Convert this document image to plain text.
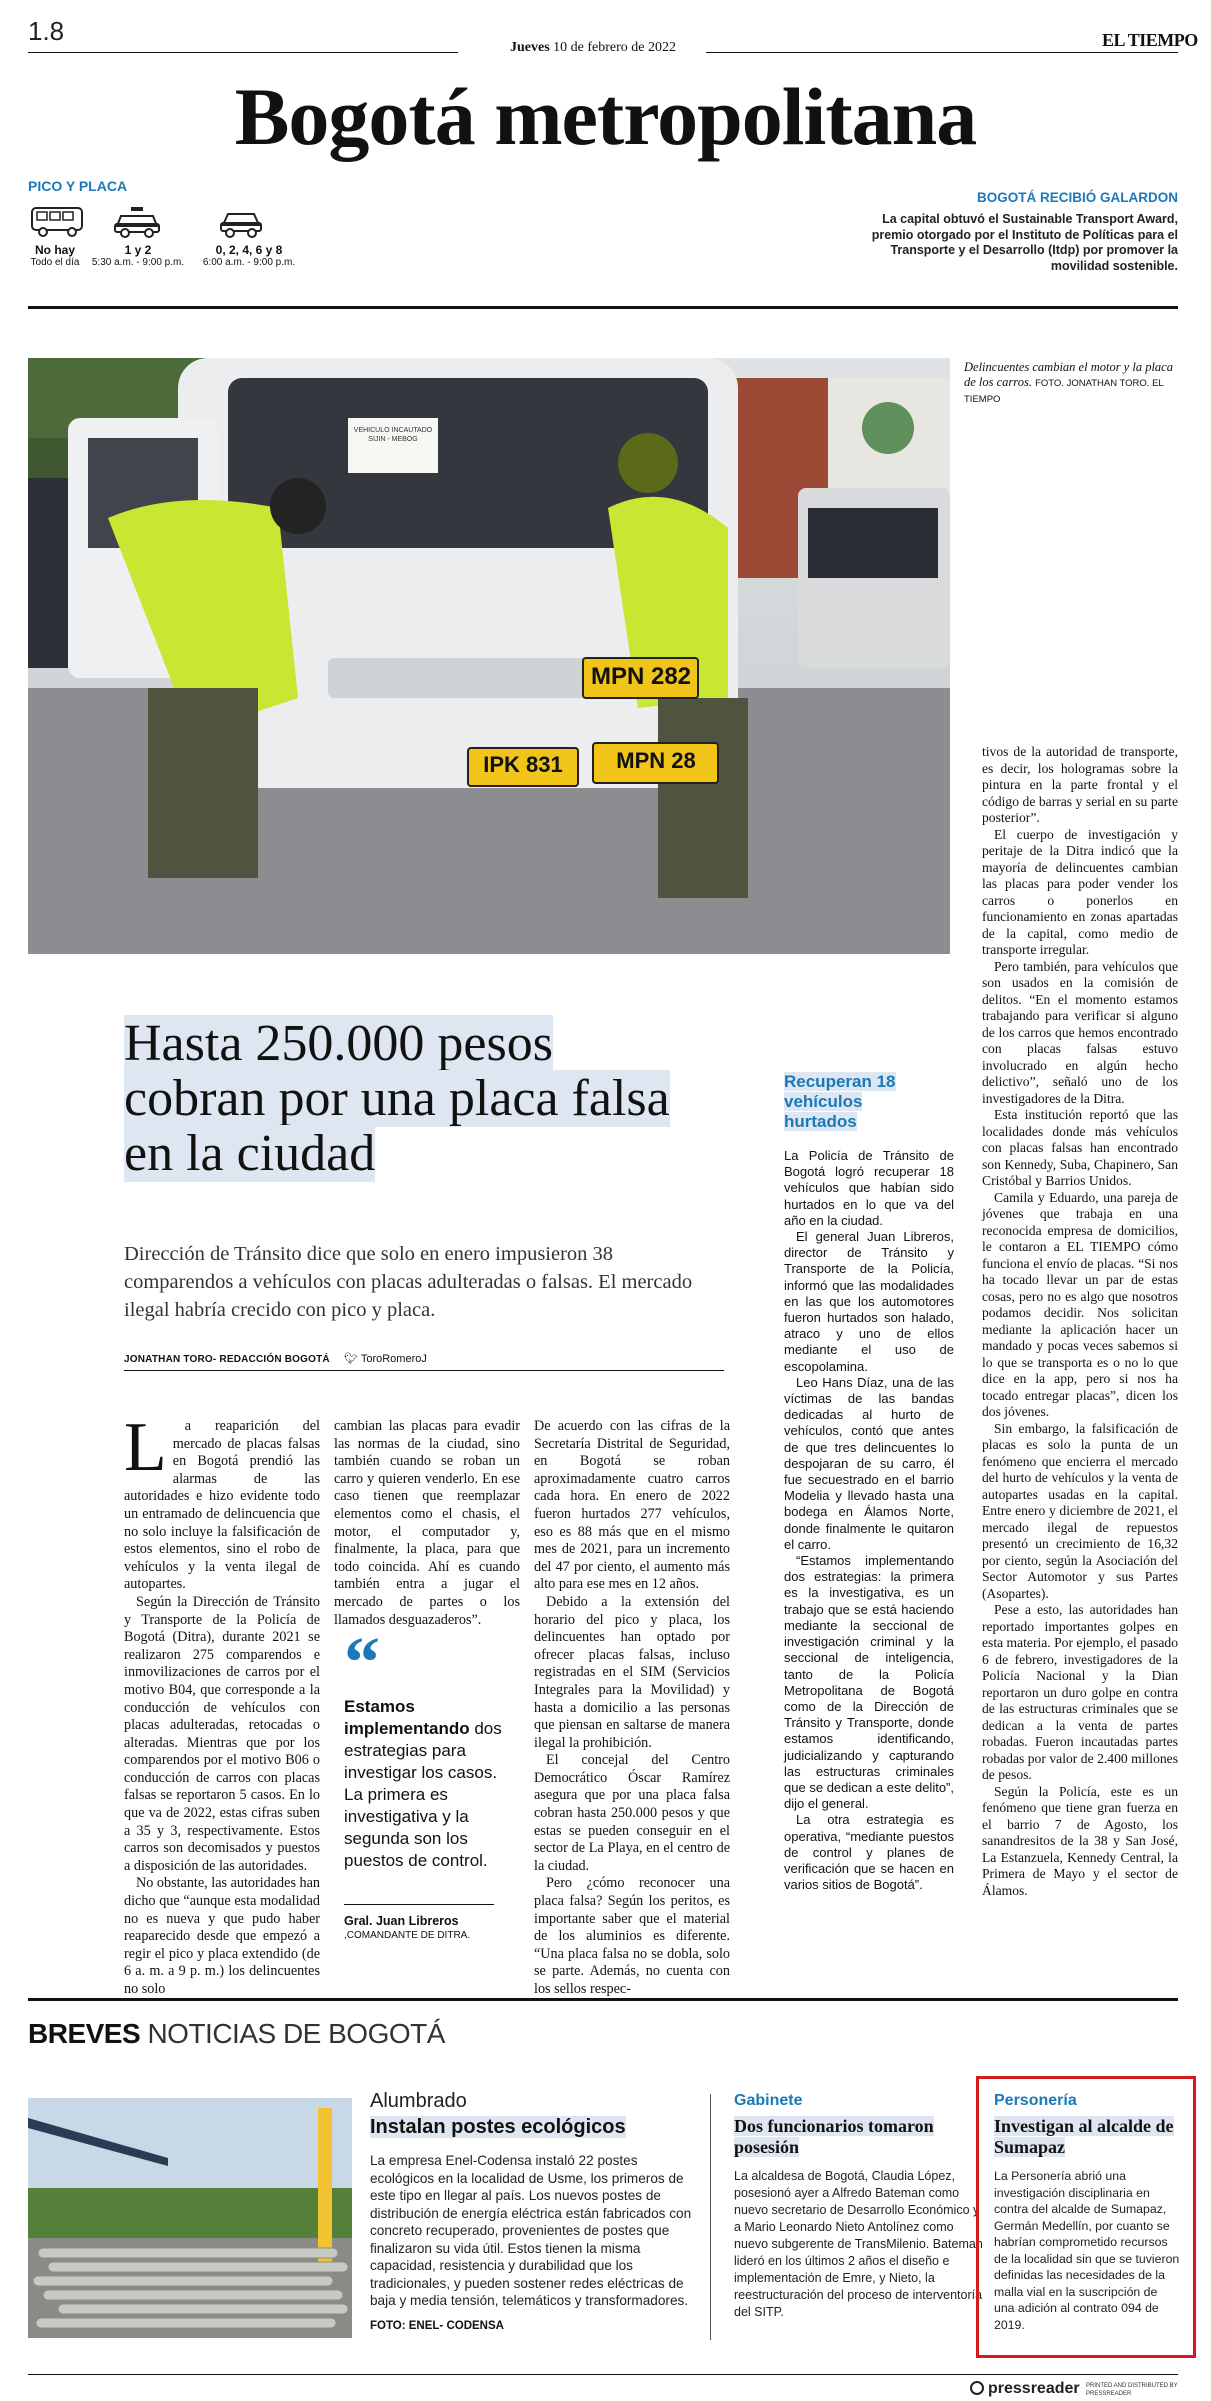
1.8
Jueves 10 de febrero de 2022	EL TIEMPO
Bogotá metropolitana
PICO Y PLACA
No hay
Todo el día
1 y 2
5:30 a.m. - 9:00 p.m.
0, 2, 4, 6 y 8
6:00 a.m. - 9:00 p.m.
BOGOTÁ RECIBIÓ GALARDON
La capital obtuvó el Sustainable Transport Award, premio otorgado por el Instituto de Políticas para el Transporte y el Desarrollo (Itdp) por promover la movilidad sostenible.
VEHICULO INCAUTADO SIJIN - MEBOG
MPN 282
IPK 831	MPN 28
Delincuentes cambian el motor y la placa de los carros. FOTO. JONATHAN TORO. EL TIEMPO
Hasta 250.000 pesos cobran por una placa falsa en la ciudad
Dirección de Tránsito dice que solo en enero impusieron 38 comparendos a vehículos con placas adulteradas o falsas. El mercado ilegal habría crecido con pico y placa.
JONATHAN TORO- REDACCIÓN BOGOTÁ 🐦︎ ToroRomeroJ
L	a reaparición del mercado de placas falsas en Bogotá prendió las alarmas de las autoridades e hizo evidente todo un entramado de delincuencia que no solo incluye la falsificación de estos elementos, sino el robo de vehículos y la venta ilegal de autopartes.

Según la Dirección de Tránsito y Transporte de la Policía de Bogotá (Ditra), durante 2021 se realizaron 275 comparendos e inmovilizaciones de carros por el motivo B04, que corresponde a la conducción de vehículos con placas adulteradas, retocadas o alteradas. Mientras que por los comparendos por el motivo B06 o conducción de carros con placas falsas se reportaron 5 casos. En lo que va de 2022, estas cifras suben a 35 y 3, respectivamente. Estos carros son decomisados y puestos a disposición de las autoridades.

No obstante, las autoridades han dicho que “aunque esta modalidad no es nueva y que pudo haber reaparecido desde que empezó a regir el pico y placa extendido (de 6 a. m. a 9 p. m.) los delincuentes no solo

cambian las placas para evadir las normas de la ciudad, sino también cuando se roban un carro y quieren venderlo. En ese caso tienen que reemplazar elementos como el chasis, el motor, el computador y, finalmente, la placa, para que todo coincida. Ahí es cuando también entra a jugar el mercado de partes o los llamados desguazaderos”.

“
Estamos implementando dos estrategias para investigar los casos. La primera es investigativa y la segunda son los puestos de control.
Gral. Juan Libreros
,COMANDANTE DE DITRA.

De acuerdo con las cifras de la Secretaría Distrital de Seguridad, en Bogotá se roban aproximadamente cuatro carros cada hora. En enero de 2022 fueron hurtados 277 vehículos, eso es 88 más que en el mismo mes de 2021, para un incremento del 47 por ciento, el aumento más alto para ese mes en 12 años.

Debido a la extensión del horario del pico y placa, los delincuentes han optado por ofrecer placas falsas, incluso registradas en el SIM (Servicios Integrales para la Movilidad) y hasta a domicilio a las personas que piensan en saltarse de manera ilegal la prohibición.

El concejal del Centro Democrático Óscar Ramírez asegura que por una placa falsa cobran hasta 250.000 pesos y que estas se pueden conseguir en el sector de La Playa, en el centro de la ciudad.

Pero ¿cómo reconocer una placa falsa? Según los peritos, es importante saber que el material de los aluminios es diferente. “Una placa falsa no se dobla, solo se parte. Además, no cuenta con los sellos respec-

Recuperan 18 vehículos hurtados

La Policía de Tránsito de Bogotá logró recuperar 18 vehículos que habían sido hurtados en lo que va del año en la ciudad.

El general Juan Libreros, director de Tránsito y Transporte de la Policía, informó que las modalidades en las que los automotores fueron hurtados son halado, atraco y uno de ellos mediante el uso de escopolamina.

Leo Hans Díaz, una de las víctimas de las bandas dedicadas al hurto de vehículos, contó que antes de que tres delincuentes lo despojaran de su carro, él fue secuestrado en el barrio Modelia y llevado hasta una bodega en Álamos Norte, donde finalmente le quitaron el carro.

“Estamos implementando dos estrategias: la primera es la investigativa, es un trabajo que se está haciendo mediante la seccional de investigación criminal y la seccional de inteligencia, tanto de la Policía Metropolitana de Bogotá como de la Dirección de Tránsito y Transporte, donde estamos identificando, judicializando y capturando las estructuras criminales que se dedican a este delito”, dijo el general.

La otra estrategia es operativa, “mediante puestos de control y planes de verificación que se hacen en varios sitios de Bogotá”.

tivos de la autoridad de transporte, es decir, los hologramas sobre la pintura en la parte frontal y el código de barras y serial en su parte posterior”.

El cuerpo de investigación y peritaje de la Ditra indicó que la mayoría de delincuentes cambian las placas para poder vender los carros o ponerlos en funcionamiento en zonas apartadas de la capital, como medio de transporte irregular.

Pero también, para vehículos que son usados en la comisión de delitos. “En el momento estamos trabajando para verificar si alguno de los carros que hemos encontrado con placas falsas estuvo involucrado en algún hecho delictivo”, señaló uno de los investigadores de la Ditra.

Esta institución reportó que las localidades donde más vehículos con placas falsas han encontrado son Kennedy, Suba, Chapinero, San Cristóbal y Barrios Unidos.

Camila y Eduardo, una pareja de jóvenes que trabaja en una reconocida empresa de domicilios, le contaron a EL TIEMPO cómo funciona el envío de placas. “Si nos ha tocado llevar un par de estas cosas, pero no es algo que nosotros podamos decidir. Nos solicitan mediante la aplicación hacer un mandado y pocas veces sabemos si lo que se transporta es o no lo que dice en la app, pero si nos ha tocado entregar placas”, dicen los dos jóvenes.

Sin embargo, la falsificación de placas es solo la punta de un fenómeno que encierra el mercado del hurto de vehículos y la venta de autopartes usadas en la capital. Entre enero y diciembre de 2021, el mercado ilegal de repuestos presentó un crecimiento de 16,32 por ciento, según la Asociación del Sector Automotor y sus Partes (Asopartes).

Pese a esto, las autoridades han reportado importantes golpes en esta materia. Por ejemplo, el pasado 6 de febrero, investigadores de la Policía Nacional y la Dian reportaron un duro golpe en contra de las estructuras criminales que se dedican a la venta de partes robadas. Fueron incautadas partes robadas por valor de 2.400 millones de pesos.

Según la Policía, este es un fenómeno que tiene gran fuerza en el barrio 7 de Agosto, los sanandresitos de la 38 y San José, La Estanzuela, Kennedy Central, la Primera de Mayo y el sector de Álamos.

BREVES NOTICIAS DE BOGOTÁ
Alumbrado
Instalan postes ecológicos
La empresa Enel-Codensa instaló 22 postes ecológicos en la localidad de Usme, los primeros de este tipo en llegar al país. Los nuevos postes de distribución de energía eléctrica están fabricados con concreto recuperado, provenientes de postes que finalizaron su vida útil. Estos tienen la misma capacidad, resistencia y durabilidad que los tradicionales, y pueden sostener redes eléctricas de baja y media tensión, telemáticos y transformadores.
FOTO: ENEL- CODENSA
Gabinete
Dos funcionarios tomaron posesión
La alcaldesa de Bogotá, Claudia López, posesionó ayer a Alfredo Bateman como nuevo secretario de Desarrollo Económico y a Mario Leonardo Nieto Antolínez como nuevo subgerente de TransMilenio. Bateman lideró en los últimos 2 años el diseño e implementación de Emre, y Nieto, la reestructuración del proceso de interventoría del SITP.
Personería
Investigan al alcalde de Sumapaz
La Personería abrió una investigación disciplinaria en contra del alcalde de Sumapaz, Germán Medellín, por cuanto se habrían comprometido recursos de la localidad sin que se tuvieron definidas las necesidades de la malla vial en la suscripción de una adición al contrato 094 de 2019.
pressreader PRINTED AND DISTRIBUTED BY PRESSREADER
